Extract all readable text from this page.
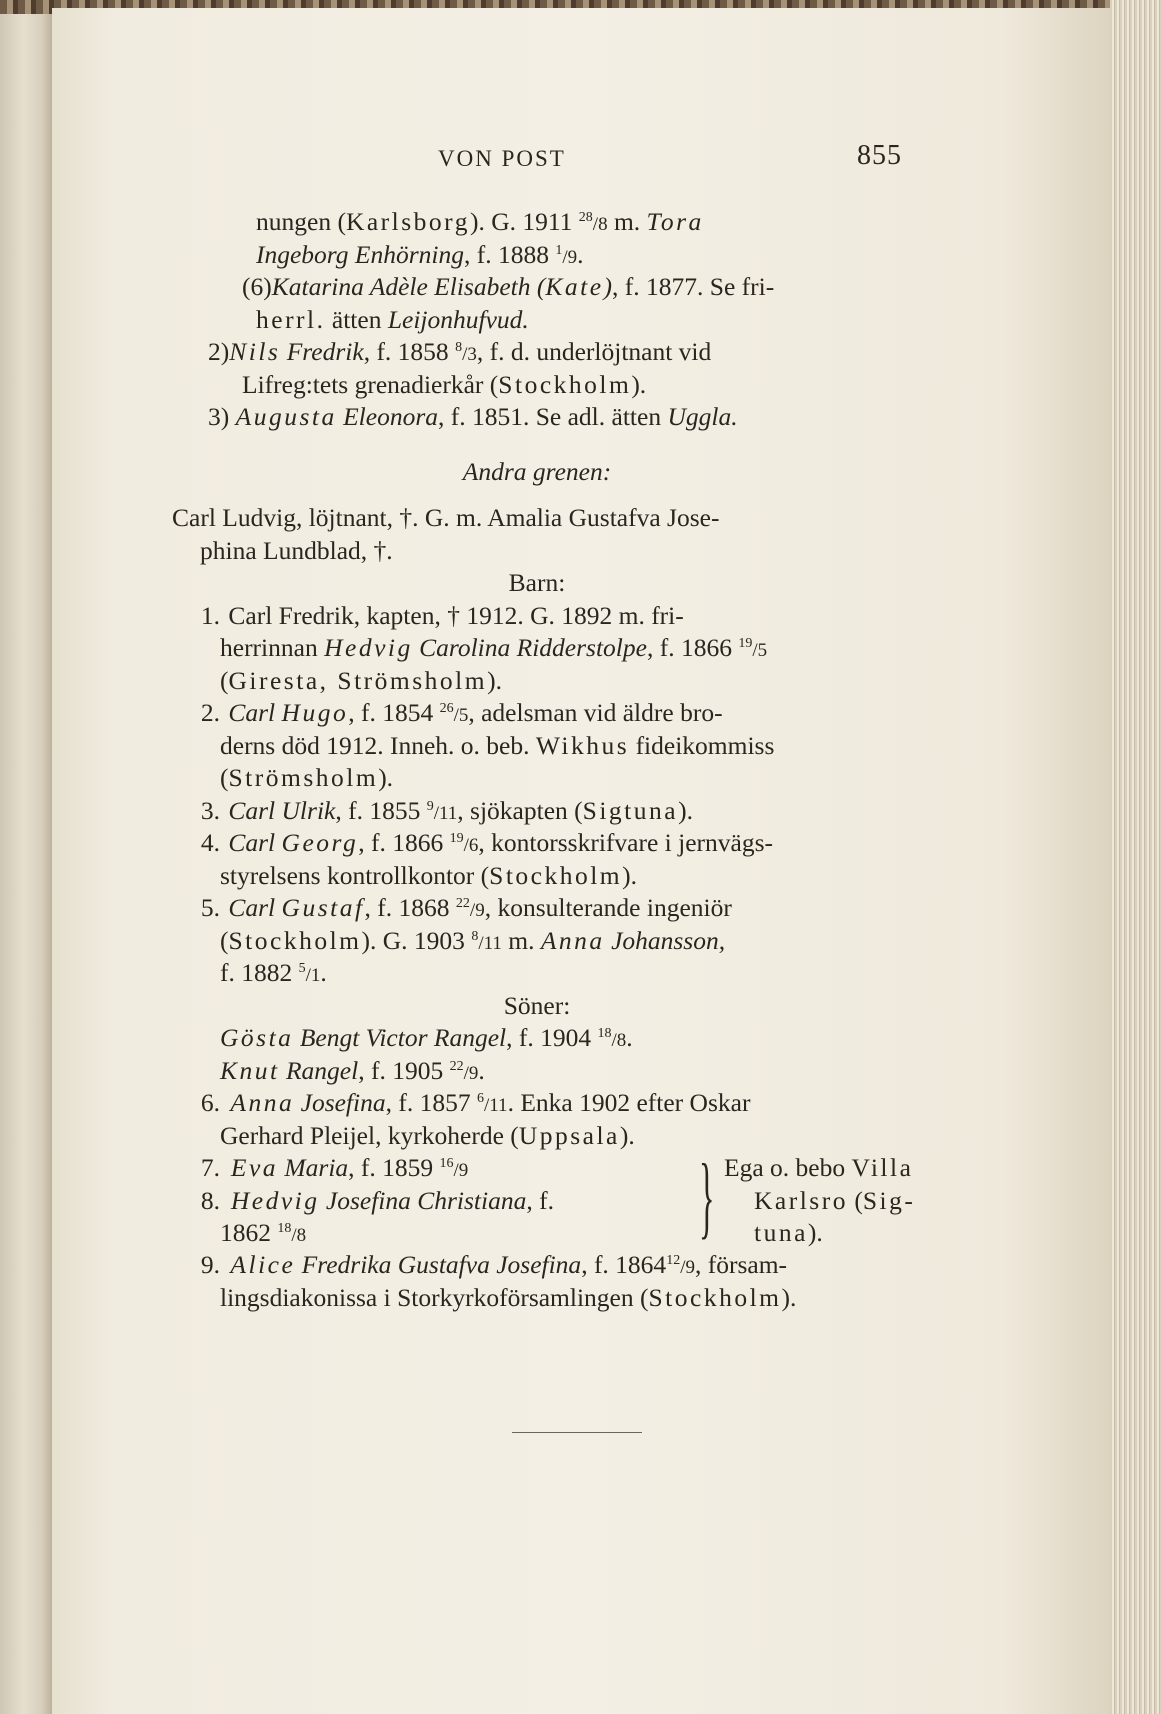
VON POST	855
nungen (Karlsborg). G. 1911 $^{28}$/8 m. Tora
Ingeborg Enhörning, f. 1888 $^1$/9.
(6)Katarina Adèle Elisabeth (Kate), f. 1877. Se fri-
herrl. ätten Leijonhufvud.
2)Nils Fredrik, f. 1858 $^8$/3, f. d. underlöjtnant vid
Lifreg:tets grenadierkår (Stockholm).
3) Augusta Eleonora, f. 1851. Se adl. ätten Uggla.
Andra grenen:
Carl Ludvig, löjtnant, †. G. m. Amalia Gustafva Jose-
phina Lundblad, †.
Barn:
1. Carl Fredrik, kapten, † 1912. G. 1892 m. fri-
herrinnan Hedvig Carolina Ridderstolpe, f. 1866 $^{19}$/5
(Giresta, Strömsholm).
2. Carl Hugo, f. 1854 $^{26}$/5, adelsman vid äldre bro-
derns död 1912. Inneh. o. beb. Wikhus fideikommiss
(Strömsholm).
3. Carl Ulrik, f. 1855 $^9$/11, sjökapten (Sigtuna).
4. Carl Georg, f. 1866 $^{19}$/6, kontorsskrifvare i jernvägs-
styrelsens kontrollkontor (Stockholm).
5. Carl Gustaf, f. 1868 $^{22}$/9, konsulterande ingeniör
(Stockholm). G. 1903 $^8$/11 m. Anna Johansson,
f. 1882 $^5$/1.
Söner:
Gösta Bengt Victor Rangel, f. 1904 $^{18}$/8.
Knut Rangel, f. 1905 $^{22}$/9.
6. Anna Josefina, f. 1857 $^6$/11. Enka 1902 efter Oskar
Gerhard Pleijel, kyrkoherde (Uppsala).
7. Eva Maria, f. 1859 $^{16}$/9
8. Hedvig Josefina Christiana, f.
1862 $^{18}$/8	} Ega o. bebo Villa
Karlsro (Sig-
tuna).
9. Alice Fredrika Gustafva Josefina, f. 1864$^{12}$/9, försam-
lingsdiakonissa i Storkyrkoförsamlingen (Stockholm).
